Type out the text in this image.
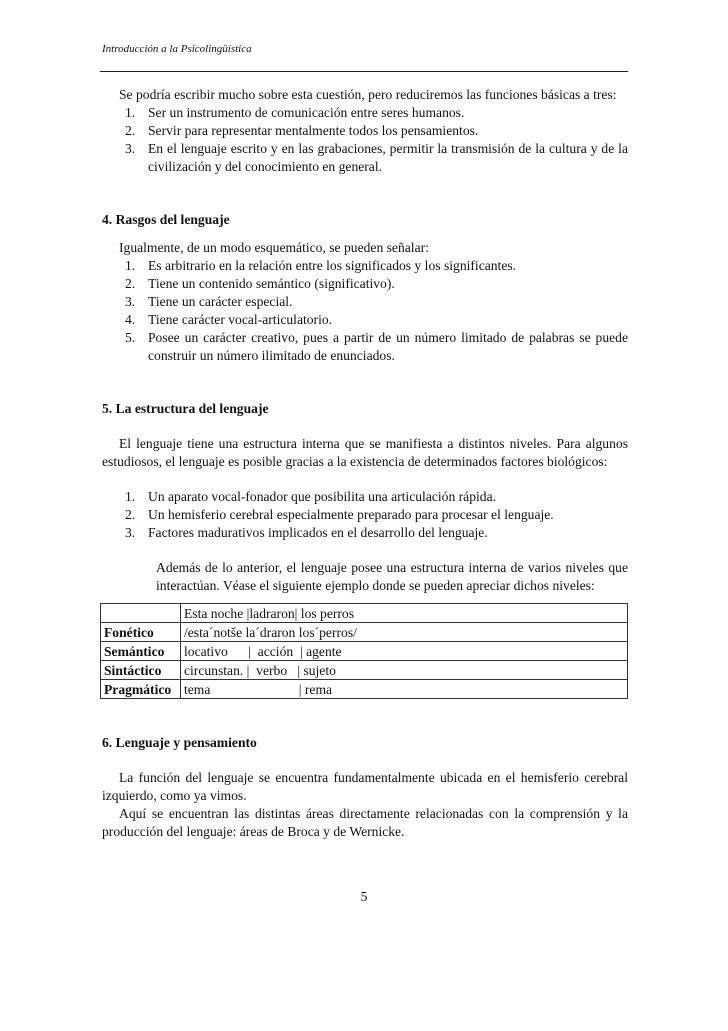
Introducción a la Psicolingüística

Se podría escribir mucho sobre esta cuestión, pero reduciremos las funciones básicas a tres:

1. Ser un instrumento de comunicación entre seres humanos.
2. Servir para representar mentalmente todos los pensamientos.
3. En el lenguaje escrito y en las grabaciones, permitir la transmisión de la cultura y de la civilización y del conocimiento en general.
4. Rasgos del lenguaje

Igualmente, de un modo esquemático, se pueden señalar:

1. Es arbitrario en la relación entre los significados y los significantes.
2. Tiene un contenido semántico (significativo).
3. Tiene un carácter especial.
4. Tiene carácter vocal-articulatorio.
5. Posee un carácter creativo, pues a partir de un número limitado de palabras se puede construir un número ilimitado de enunciados.
5. La estructura del lenguaje

El lenguaje tiene una estructura interna que se manifiesta a distintos niveles. Para algunos estudiosos, el lenguaje es posible gracias a la existencia de determinados factores biológicos:

1. Un aparato vocal-fonador que posibilita una articulación rápida.
2. Un hemisferio cerebral especialmente preparado para procesar el lenguaje.
3. Factores madurativos implicados en el desarrollo del lenguaje.

Además de lo anterior, el lenguaje posee una estructura interna de varios niveles que interactúan. Véase el siguiente ejemplo donde se pueden apreciar dichos niveles:

	Esta noche |ladraron| los perros
Fonético	/esta´notše la´draron los´perros/
Semántico	locativo      |  acción  | agente
Sintáctico	circunstan. |  verbo   | sujeto
Pragmático	tema                          | rema
6. Lenguaje y pensamiento

La función del lenguaje se encuentra fundamentalmente ubicada en el hemisferio cerebral izquierdo, como ya vimos.

Aquí se encuentran las distintas áreas directamente relacionadas con la comprensión y la producción del lenguaje: áreas de Broca y de Wernicke.

5
